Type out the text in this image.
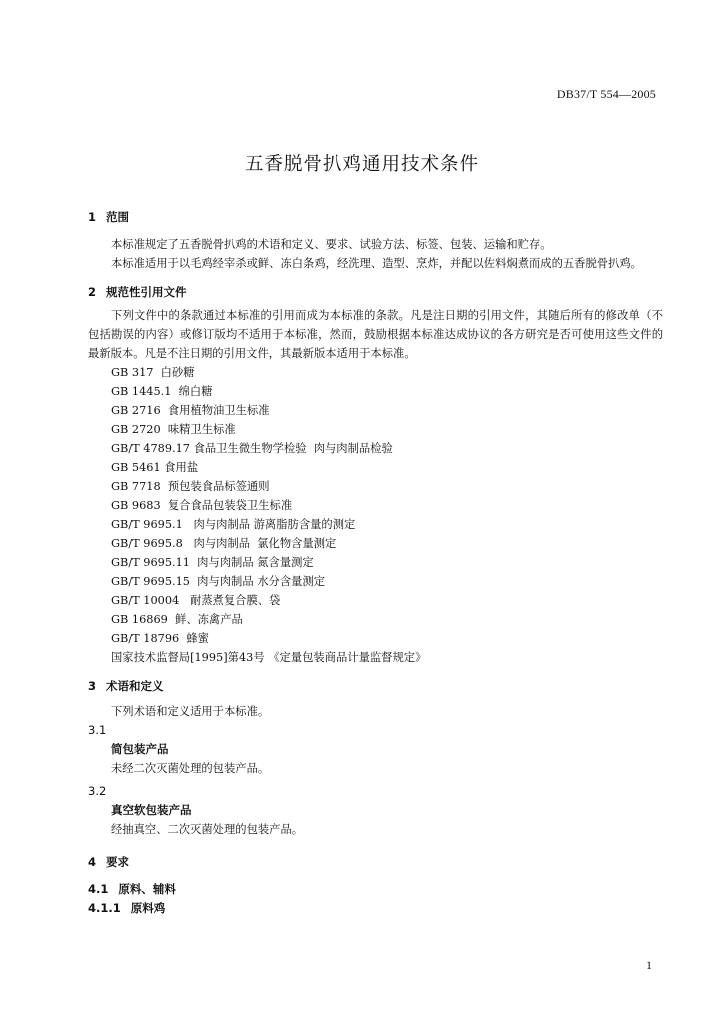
DB37/T 554—2005
五香脱骨扒鸡通用技术条件
1 范围
本标准规定了五香脱骨扒鸡的术语和定义、要求、试验方法、标签、包装、运输和贮存。
本标准适用于以毛鸡经宰杀或鲜、冻白条鸡，经洗理、造型、烹炸，并配以佐料焖煮而成的五香脱骨扒鸡。
2 规范性引用文件
下列文件中的条款通过本标准的引用而成为本标准的条款。凡是注日期的引用文件，其随后所有的修改单（不包括勘误的内容）或修订版均不适用于本标准，然而，鼓励根据本标准达成协议的各方研究是否可使用这些文件的最新版本。凡是不注日期的引用文件，其最新版本适用于本标准。
GB 317  白砂糖
GB 1445.1  绵白糖
GB 2716  食用植物油卫生标准
GB 2720  味精卫生标准
GB/T 4789.17 食品卫生微生物学检验  肉与肉制品检验
GB 5461 食用盐
GB 7718  预包装食品标签通则
GB 9683  复合食品包装袋卫生标准
GB/T 9695.1   肉与肉制品 游离脂肪含量的测定
GB/T 9695.8   肉与肉制品  氯化物含量测定
GB/T 9695.11  肉与肉制品 氮含量测定
GB/T 9695.15  肉与肉制品 水分含量测定
GB/T 10004   耐蒸煮复合膜、袋
GB 16869  鲜、冻禽产品
GB/T 18796  蜂蜜
国家技术监督局[1995]第43号 《定量包装商品计量监督规定》
3 术语和定义
下列术语和定义适用于本标准。
3.1
简包装产品
未经二次灭菌处理的包装产品。
3.2
真空软包装产品
经抽真空、二次灭菌处理的包装产品。
4 要求
4.1 原料、辅料
4.1.1 原料鸡
1
